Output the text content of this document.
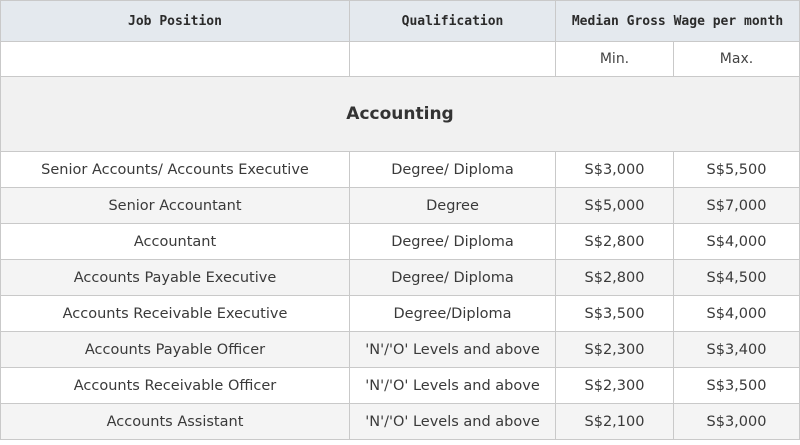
Job Position	Qualification	Median Gross Wage per month	
		Min.	Max.
Accounting			
Senior Accounts/ Accounts Executive	Degree/ Diploma	S$3,000	S$5,500
Senior Accountant	Degree	S$5,000	S$7,000
Accountant	Degree/ Diploma	S$2,800	S$4,000
Accounts Payable Executive	Degree/ Diploma	S$2,800	S$4,500
Accounts Receivable Executive	Degree/Diploma	S$3,500	S$4,000
Accounts Payable Officer	'N'/'O' Levels and above	S$2,300	S$3,400
Accounts Receivable Officer	'N'/'O' Levels and above	S$2,300	S$3,500
Accounts Assistant	'N'/'O' Levels and above	S$2,100	S$3,000
